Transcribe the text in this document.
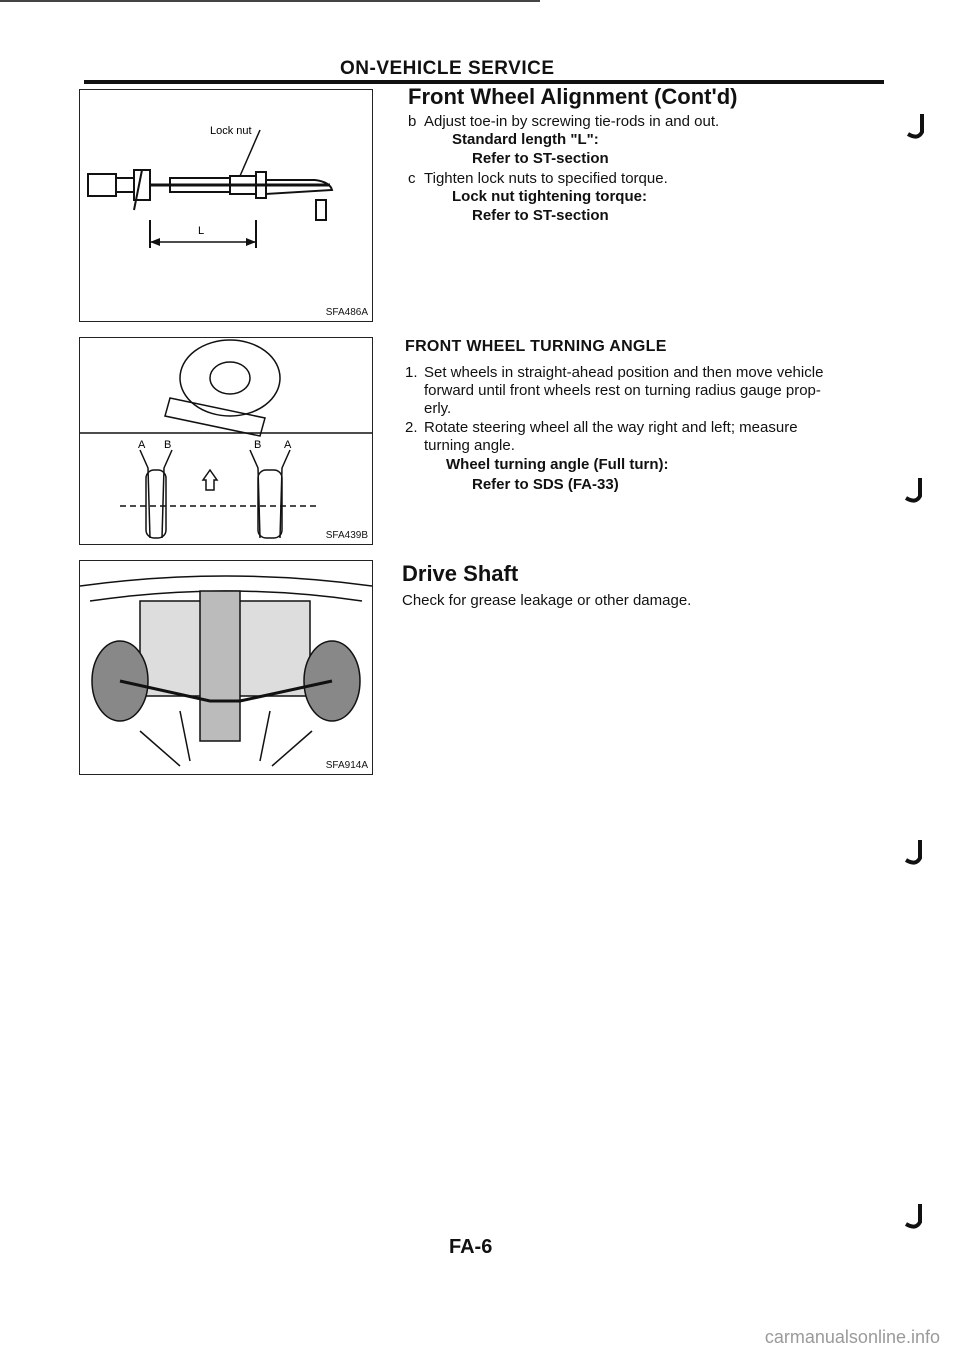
ON-VEHICLE SERVICE
Lock nut
L
SFA486A
A B	B A
SFA439B
SFA914A
Front Wheel Alignment (Cont'd)
b Adjust toe-in by screwing tie-rods in and out.
Standard length "L":
Refer to ST-section
c Tighten lock nuts to specified torque.
Lock nut tightening torque:
Refer to ST-section
FRONT WHEEL TURNING ANGLE
1. Set wheels in straight-ahead position and then move vehicle
forward until front wheels rest on turning radius gauge prop-
erly.
2. Rotate steering wheel all the way right and left; measure
turning angle.
Wheel turning angle (Full turn):
Refer to SDS (FA-33)
Drive Shaft
Check for grease leakage or other damage.
FA-6
carmanualsonline.info
